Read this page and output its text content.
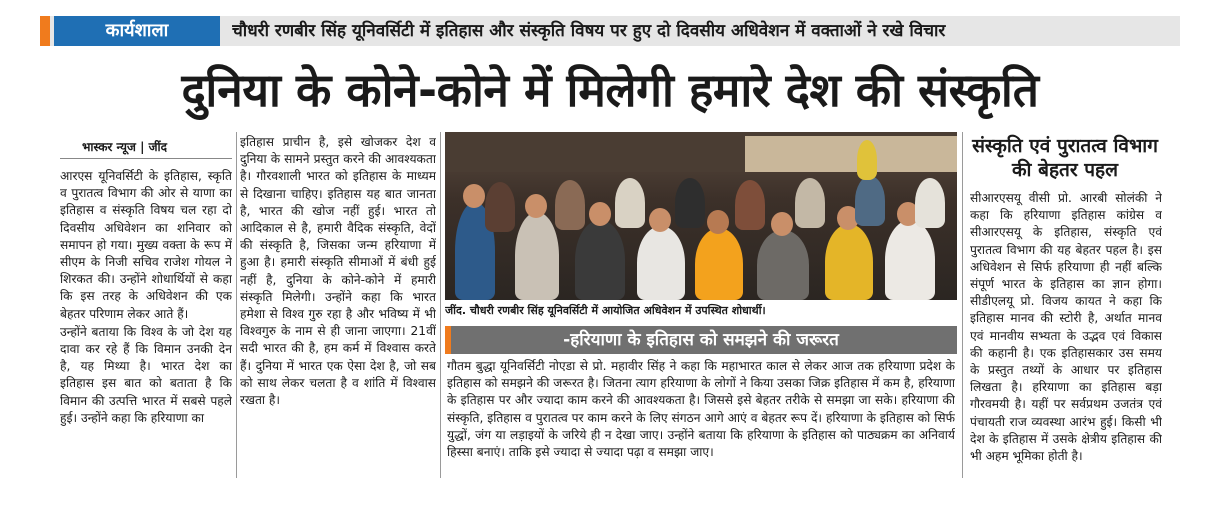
कार्यशाला	चौधरी रणबीर सिंह यूनिवर्सिटी में इतिहास और संस्कृति विषय पर हुए दो दिवसीय अधिवेशन में वक्ताओं ने रखे विचार
दुनिया के कोने-कोने में मिलेगी हमारे देश की संस्कृति
भास्कर न्यूज | जींद

आरएस यूनिवर्सिटी के इतिहास, स्कृति व पुरातत्व विभाग की ओर से याणा का इतिहास व संस्कृति विषय चल रहा दो दिवसीय अधिवेशन का शनिवार को समापन हो गया। मुख्य वक्ता के रूप में सीएम के निजी सचिव राजेश गोयल ने शिरकत की। उन्होंने शोधार्थियों से कहा कि इस तरह के अधिवेशन की एक बेहतर परिणाम लेकर आते हैं।

उन्होंने बताया कि विश्व के जो देश यह दावा कर रहे हैं कि विमान उनकी देन है, यह मिथ्या है। भारत देश का इतिहास इस बात को बताता है कि विमान की उत्पत्ति भारत में सबसे पहले हुई। उन्होंने कहा कि हरियाणा का

इतिहास प्राचीन है, इसे खोजकर देश व दुनिया के सामने प्रस्तुत करने की आवश्यकता है। गौरवशाली भारत को इतिहास के माध्यम से दिखाना चाहिए। इतिहास यह बात जानता है, भारत की खोज नहीं हुई। भारत तो आदिकाल से है, हमारी वैदिक संस्कृति, वेदों की संस्कृति है, जिसका जन्म हरियाणा में हुआ है। हमारी संस्कृति सीमाओं में बंधी हुई नहीं है, दुनिया के कोने-कोने में हमारी संस्कृति मिलेगी। उन्होंने कहा कि भारत हमेशा से विश्व गुरु रहा है और भविष्य में भी विश्वगुरु के नाम से ही जाना जाएगा। 21वीं सदी भारत की है, हम कर्म में विश्वास करते हैं। दुनिया में भारत एक ऐसा देश है, जो सब को साथ लेकर चलता है व शांति में विश्वास रखता है।

जींद. चौधरी रणबीर सिंह यूनिवर्सिटी में आयोजित अधिवेशन में उपस्थित शोधार्थी।
-हरियाणा के इतिहास को समझने की जरूरत

गौतम बुद्धा यूनिवर्सिटी नोएडा से प्रो. महावीर सिंह ने कहा कि महाभारत काल से लेकर आज तक हरियाणा प्रदेश के इतिहास को समझने की जरूरत है। जितना त्याग हरियाणा के लोगों ने किया उसका जिक्र इतिहास में कम है, हरियाणा के इतिहास पर और ज्यादा काम करने की आवश्यकता है। जिससे इसे बेहतर तरीके से समझा जा सके। हरियाणा की संस्कृति, इतिहास व पुरातत्व पर काम करने के लिए संगठन आगे आएं व बेहतर रूप दें। हरियाणा के इतिहास को सिर्फ युद्धों, जंग या लड़ाइयों के जरिये ही न देखा जाए। उन्होंने बताया कि हरियाणा के इतिहास को पाठ्यक्रम का अनिवार्य हिस्सा बनाएं। ताकि इसे ज्यादा से ज्यादा पढ़ा व समझा जाए।

संस्कृति एवं पुरातत्व विभाग की बेहतर पहल

सीआरएसयू वीसी प्रो. आरबी सोलंकी ने कहा कि हरियाणा इतिहास कांग्रेस व सीआरएसयू के इतिहास, संस्कृति एवं पुरातत्व विभाग की यह बेहतर पहल है। इस अधिवेशन से सिर्फ हरियाणा ही नहीं बल्कि संपूर्ण भारत के इतिहास का ज्ञान होगा। सीडीएलयू प्रो. विजय कायत ने कहा कि इतिहास मानव की स्टोरी है, अर्थात मानव एवं मानवीय सभ्यता के उद्भव एवं विकास की कहानी है। एक इतिहासकार उस समय के प्रस्तुत तथ्यों के आधार पर इतिहास लिखता है। हरियाणा का इतिहास बड़ा गौरवमयी है। यहीं पर सर्वप्रथम उजतंत्र एवं पंचायती राज व्यवस्था आरंभ हुई। किसी भी देश के इतिहास में उसके क्षेत्रीय इतिहास की भी अहम भूमिका होती है।
